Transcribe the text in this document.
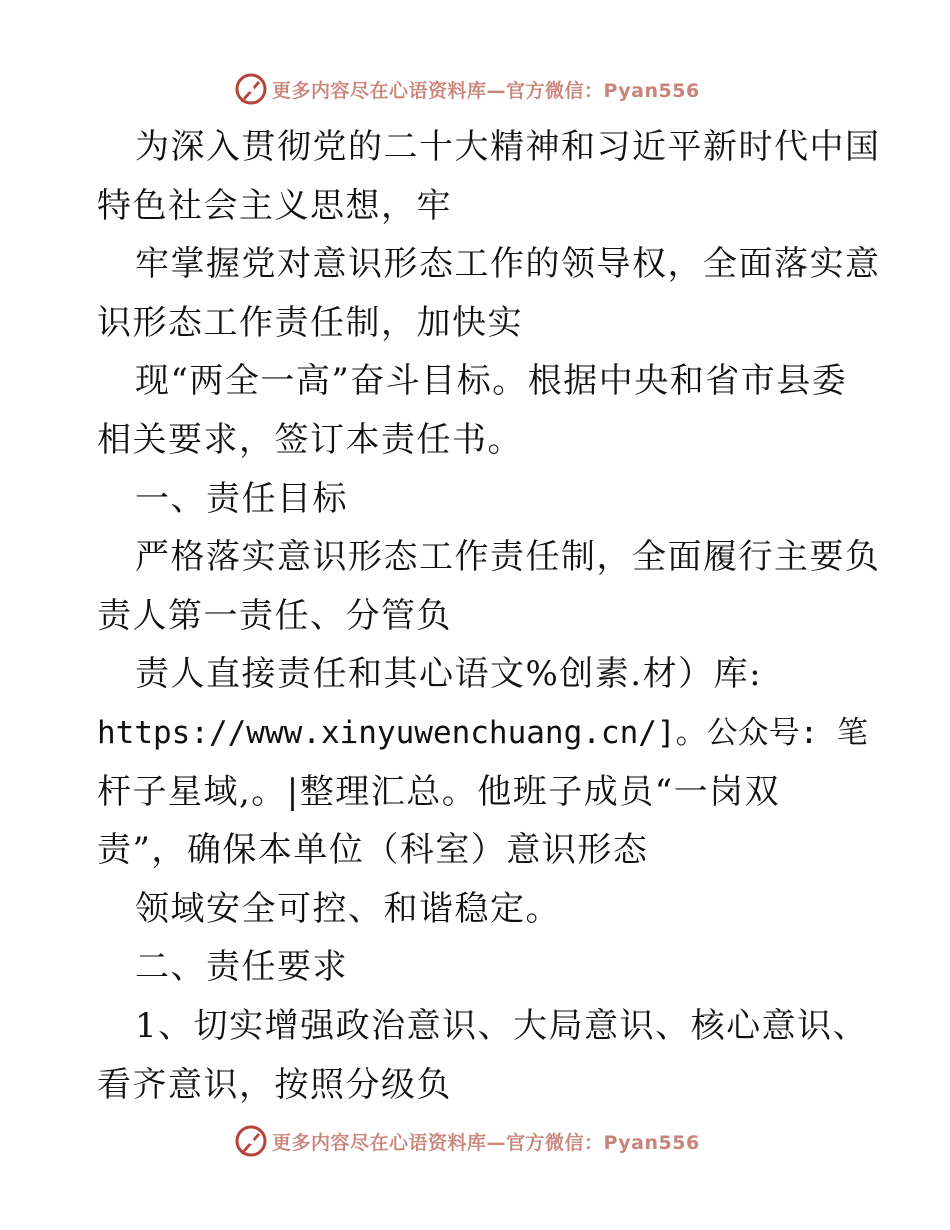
更多内容尽在心语资料库—官方微信：Pyan556
为深入贯彻党的二十大精神和习近平新时代中国
特色社会主义思想，牢
牢掌握党对意识形态工作的领导权，全面落实意
识形态工作责任制，加快实
现“两全一高”奋斗目标。根据中央和省市县委
相关要求，签订本责任书。
一、责任目标
严格落实意识形态工作责任制，全面履行主要负
责人第一责任、分管负
责人直接责任和其心语文%创素.材）库:
https://www.xinyuwenchuang.cn/]。公众号: 笔
杆子星域,。|整理汇总。他班子成员“一岗双
责”，确保本单位（科室）意识形态
领域安全可控、和谐稳定。
二、责任要求
1、切实增强政治意识、大局意识、核心意识、
看齐意识，按照分级负
更多内容尽在心语资料库—官方微信：Pyan556
